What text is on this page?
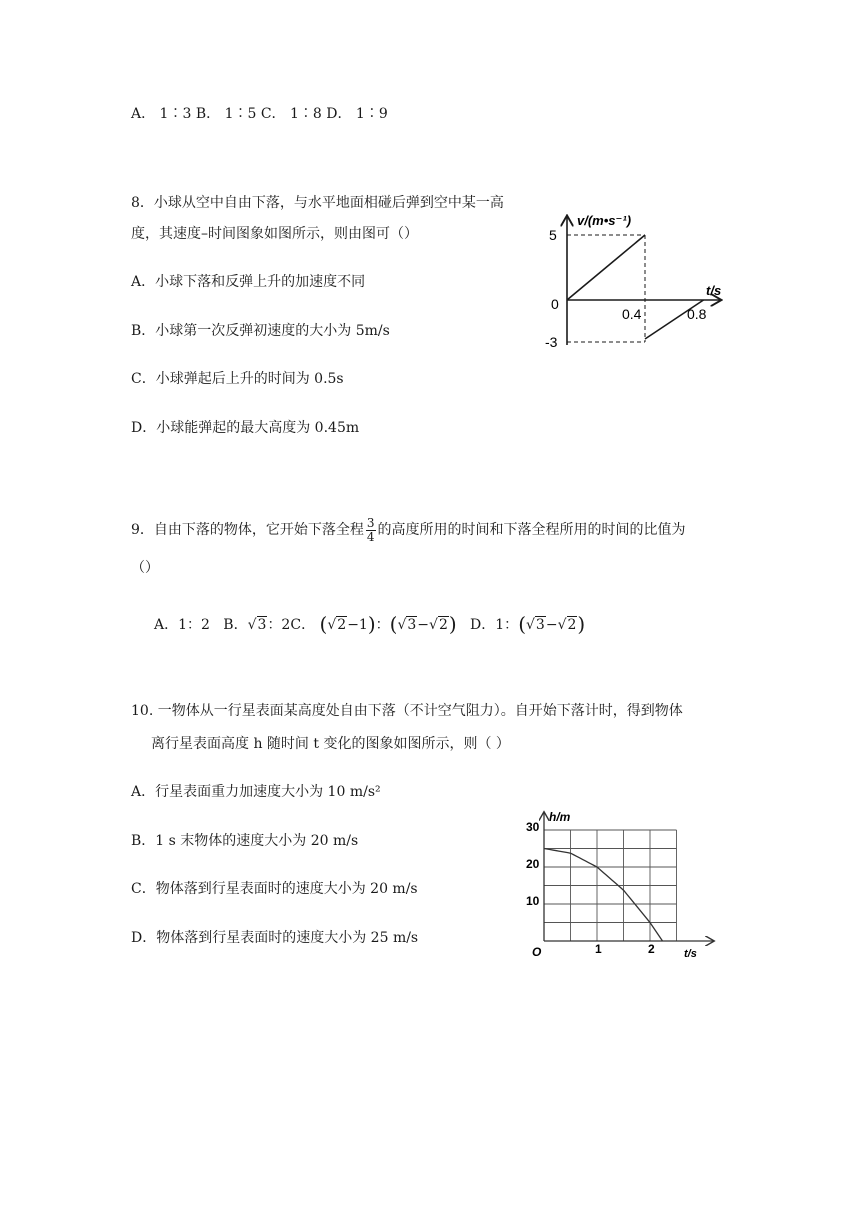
A． 1∶3 B． 1∶5 C． 1∶8 D． 1∶9
8．小球从空中自由下落，与水平地面相碰后弹到空中某一高
度，其速度–时间图象如图所示，则由图可（）
A．小球下落和反弹上升的加速度不同
B．小球第一次反弹初速度的大小为 5m/s
C．小球弹起后上升的时间为 0.5s
D．小球能弹起的最大高度为 0.45m
v/(m•s⁻¹)
t/s
5
0
-3
0.4	0.8
9．自由下落的物体，它开始下落全程 $\frac{3}{4}$ 的高度所用的时间和下落全程所用的时间的比值为
（）
A．1：2 B．√3：2C． (√2−1)：(√3−√2) D．1：(√3−√2)
10. 一物体从一行星表面某高度处自由下落（不计空气阻力）。自开始下落计时，得到物体
离行星表面高度 h 随时间 t 变化的图象如图所示，则（ ）
A．行星表面重力加速度大小为 10 m/s²
B．1 s 末物体的速度大小为 20 m/s
C．物体落到行星表面时的速度大小为 20 m/s
D．物体落到行星表面时的速度大小为 25 m/s
h/m
30
20
10
O	1	2	t/s
